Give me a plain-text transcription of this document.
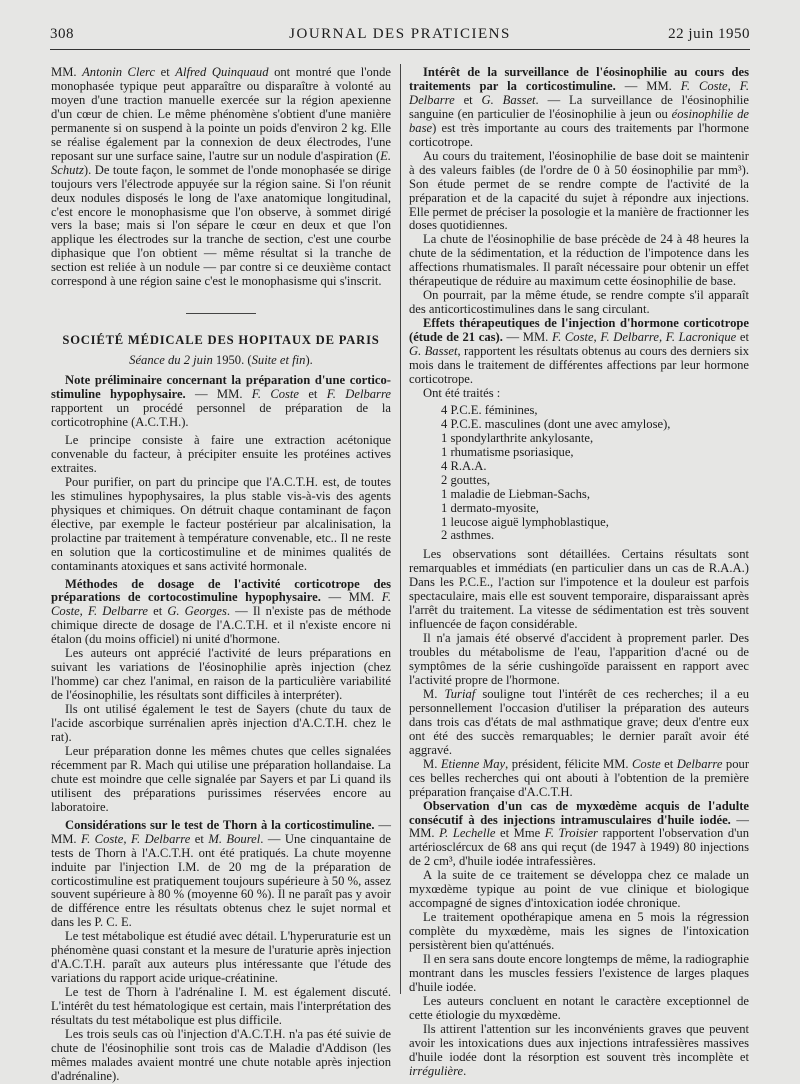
308	JOURNAL DES PRATICIENS	22 juin 1950

MM. Antonin Clerc et Alfred Quinquaud ont montré que l'onde monophasée typique peut apparaître ou disparaître à volonté au moyen d'une traction manuelle exercée sur la région apexienne d'un cœur de chien. Le même phénomène s'obtient d'une manière permanente si on suspend à la pointe un poids d'environ 2 kg. Elle se réalise également par la connexion de deux électrodes, l'une reposant sur une surface saine, l'autre sur un nodule d'aspiration (E. Schutz). De toute façon, le sommet de l'onde monophasée se dirige toujours vers l'électrode appuyée sur la région saine. Si l'on réunit deux nodules disposés le long de l'axe anatomique longitudinal, c'est encore le monophasisme que l'on observe, à sommet dirigé vers la base; mais si l'on sépare le cœur en deux et que l'on applique les électrodes sur la tranche de section, c'est une courbe diphasique que l'on obtient — même résultat si la tranche de section est reliée à un nodule — par contre si ce deuxième contact correspond à une région saine c'est le monophasisme qui s'inscrit.

SOCIÉTÉ MÉDICALE DES HOPITAUX DE PARIS
Séance du 2 juin 1950. (Suite et fin).

Note préliminaire concernant la préparation d'une cortico-stimuline hypophysaire. — MM. F. Coste et F. Delbarre rapportent un procédé personnel de préparation de la corticotrophine (A.C.T.H.).

Le principe consiste à faire une extraction acétonique convenable du facteur, à précipiter ensuite les protéines actives extraites.

Pour purifier, on part du principe que l'A.C.T.H. est, de toutes les stimulines hypophysaires, la plus stable vis-à-vis des agents physiques et chimiques. On détruit chaque contaminant de façon élective, par exemple le facteur postérieur par alcalinisation, la prolactine par traitement à température convenable, etc.. Il ne reste en solution que la corticostimuline et de minimes qualités de contaminants atoxiques et sans activité hormonale.

Méthodes de dosage de l'activité corticotrope des préparations de cortocostimuline hypophysaire. — MM. F. Coste, F. Delbarre et G. Georges. — Il n'existe pas de méthode chimique directe de dosage de l'A.C.T.H. et il n'existe encore ni étalon (du moins officiel) ni unité d'hormone.

Les auteurs ont apprécié l'activité de leurs préparations en suivant les variations de l'éosinophilie après injection (chez l'homme) car chez l'animal, en raison de la particulière variabilité de l'éosinophilie, les résultats sont difficiles à interpréter).

Ils ont utilisé également le test de Sayers (chute du taux de l'acide ascorbique surrénalien après injection d'A.C.T.H. chez le rat).

Leur préparation donne les mêmes chutes que celles signalées récemment par R. Mach qui utilise une préparation hollandaise. La chute est moindre que celle signalée par Sayers et par Li quand ils utilisent des préparations purissimes réservées encore au laboratoire.

Considérations sur le test de Thorn à la corticostimuline. — MM. F. Coste, F. Delbarre et M. Bourel. — Une cinquantaine de tests de Thorn à l'A.C.T.H. ont été pratiqués. La chute moyenne induite par l'injection I.M. de 20 mg de la préparation de corticostimuline est pratiquement toujours supérieure à 50 %, assez souvent supérieure à 80 % (moyenne 60 %). Il ne paraît pas y avoir de différence entre les résultats obtenus chez le sujet normal et dans les P. C. E.

Le test métabolique est étudié avec détail. L'hyperuraturie est un phénomène quasi constant et la mesure de l'uraturie après injection d'A.C.T.H. paraît aux auteurs plus intéressante que l'étude des variations du rapport acide urique-créatinine.

Le test de Thorn à l'adrénaline I. M. est également discuté. L'intérêt du test hématologique est certain, mais l'interprétation des résultats du test métabolique est plus difficile.

Les trois seuls cas où l'injection d'A.C.T.H. n'a pas été suivie de chute de l'éosinophilie sont trois cas de Maladie d'Addison (les mêmes malades avaient montré une chute notable après injection d'adrénaline).

Intérêt de la surveillance de l'éosinophilie au cours des traitements par la corticostimuline. — MM. F. Coste, F. Delbarre et G. Basset. — La surveillance de l'éosinophilie sanguine (en particulier de l'éosinophilie à jeun ou éosinophilie de base) est très importante au cours des traitements par l'hormone corticotrope.

Au cours du traitement, l'éosinophilie de base doit se maintenir à des valeurs faibles (de l'ordre de 0 à 50 éosinophilie par mm³). Son étude permet de se rendre compte de l'activité de la préparation et de la capacité du sujet à répondre aux injections. Elle permet de préciser la posologie et la manière de fractionner les doses quotidiennes.

La chute de l'éosinophilie de base précède de 24 à 48 heures la chute de la sédimentation, et la réduction de l'impotence dans les affections rhumatismales. Il paraît nécessaire pour obtenir un effet thérapeutique de réduire au maximum cette éosinophilie de base.

On pourrait, par la même étude, se rendre compte s'il apparaît des anticorticostimulines dans le sang circulant.

Effets thérapeutiques de l'injection d'hormone corticotrope (étude de 21 cas). — MM. F. Coste, F. Delbarre, F. Lacronique et G. Basset, rapportent les résultats obtenus au cours des derniers six mois dans le traitement de différentes affections par leur hormone corticotrope.

Ont été traités :

4 P.C.E. féminines,
4 P.C.E. masculines (dont une avec amylose),
1 spondylarthrite ankylosante,
1 rhumatisme psoriasique,
4 R.A.A.
2 gouttes,
1 maladie de Liebman-Sachs,
1 dermato-myosite,
1 leucose aiguë lymphoblastique,
2 asthmes.

Les observations sont détaillées. Certains résultats sont remarquables et immédiats (en particulier dans un cas de R.A.A.) Dans les P.C.E., l'action sur l'impotence et la douleur est parfois spectaculaire, mais elle est souvent temporaire, disparaissant après l'arrêt du traitement. La vitesse de sédimentation est très souvent influencée de façon considérable.

Il n'a jamais été observé d'accident à proprement parler. Des troubles du métabolisme de l'eau, l'apparition d'acné ou de symptômes de la série cushingoïde paraissent en rapport avec l'activité propre de l'hormone.

M. Turiaf souligne tout l'intérêt de ces recherches; il a eu personnellement l'occasion d'utiliser la préparation des auteurs dans trois cas d'états de mal asthmatique grave; deux d'entre eux ont été des succès remarquables; le dernier paraît avoir été aggravé.

M. Etienne May, président, félicite MM. Coste et Delbarre pour ces belles recherches qui ont abouti à l'obtention de la première préparation française d'A.C.T.H.

Observation d'un cas de myxœdème acquis de l'adulte consécutif à des injections intramusculaires d'huile iodée. — MM. P. Lechelle et Mme F. Troisier rapportent l'observation d'un artériosclércux de 68 ans qui reçut (de 1947 à 1949) 80 injections de 2 cm³, d'huile iodée intrafessières.

A la suite de ce traitement se développa chez ce malade un myxœdème typique au point de vue clinique et biologique accompagné de signes d'intoxication iodée chronique.

Le traitement opothérapique amena en 5 mois la régression complète du myxœdème, mais les signes de l'intoxication persistèrent bien qu'atténués.

Il en sera sans doute encore longtemps de même, la radiographie montrant dans les muscles fessiers l'existence de larges plaques d'huile iodée.

Les auteurs concluent en notant le caractère exceptionnel de cette étiologie du myxœdème.

Ils attirent l'attention sur les inconvénients graves que peuvent avoir les intoxications dues aux injections intrafessières massives d'huile iodée dont la résorption est souvent très incomplète et irrégulière.
